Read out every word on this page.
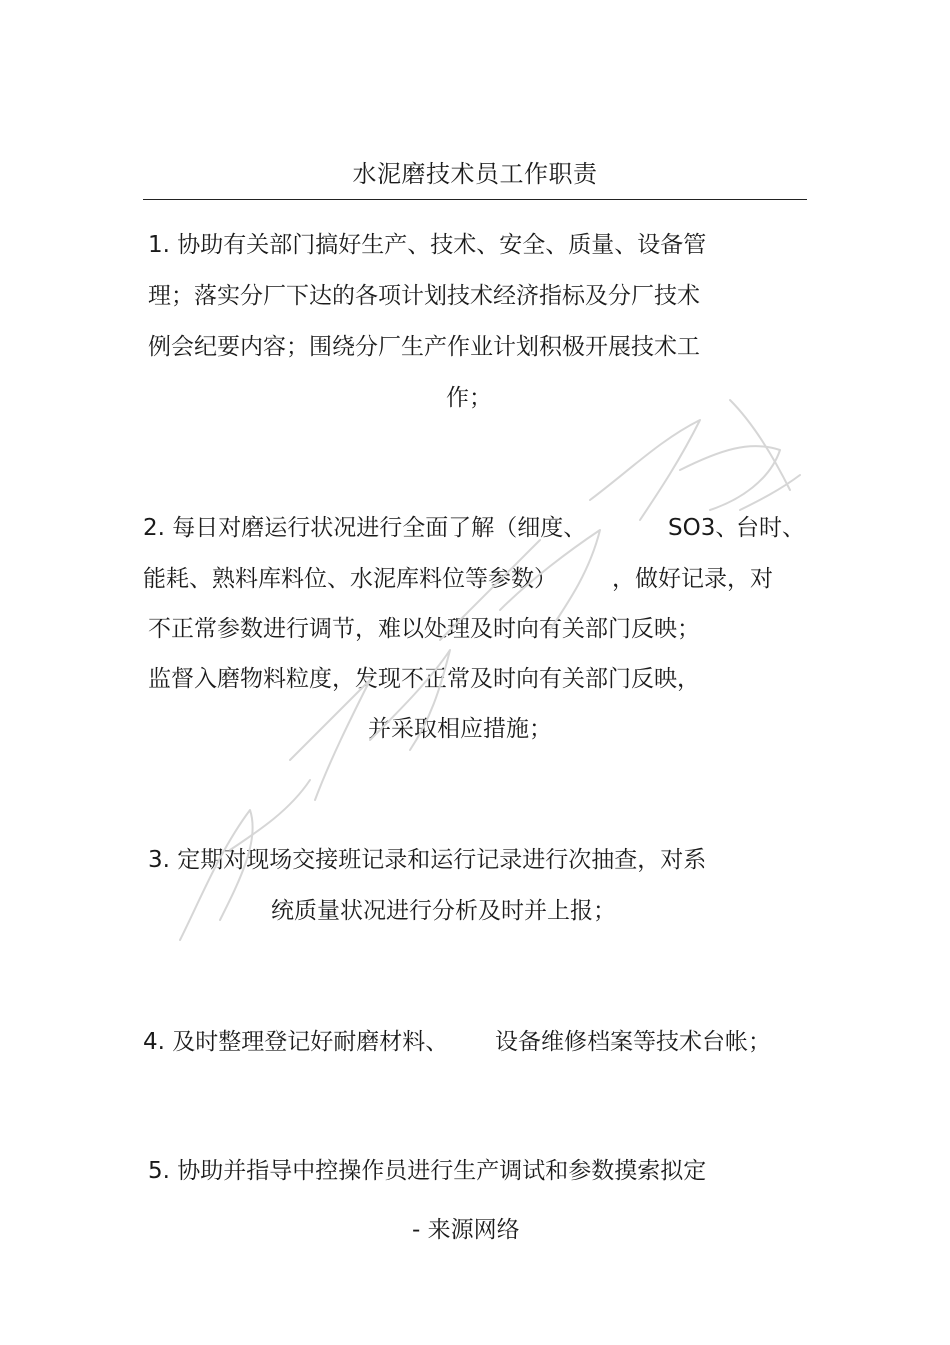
水泥磨技术员工作职责
1. 协助有关部门搞好生产、技术、安全、质量、设备管
理；落实分厂下达的各项计划技术经济指标及分厂技术
例会纪要内容；围绕分厂生产作业计划积极开展技术工
作；
2. 每日对磨运行状况进行全面了解（细度、	SO3、
台时、
能耗、熟料库料位、水泥库料位等参数） ，做好记录，对
不正常参数进行调节，难以处理及时向有关部门反映；
监督入磨物料粒度，发现不正常及时向有关部门反映，
并采取相应措施；
3. 定期对现场交接班记录和运行记录进行次抽查，对系
统质量状况进行分析及时并上报；
4. 及时整理登记好耐磨材料、 设备维修档案等技术台帐；
5. 协助并指导中控操作员进行生产调试和参数摸索拟定
- 来源网络
